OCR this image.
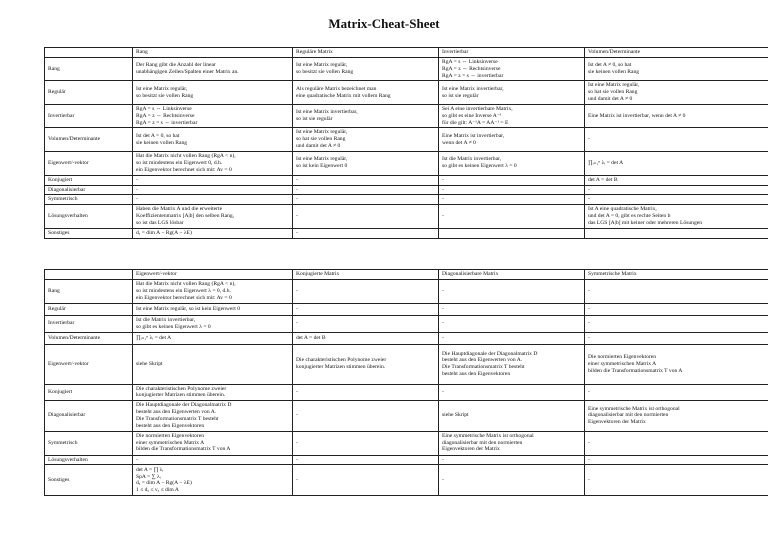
Matrix-Cheat-Sheet
	Rang	Reguläre Matrix	Invertierbar	Volumen/Determinante
Rang	Der Rang gibt die Anzahl der linear
unabhängigen Zeilen/Spalten einer Matrix an.	Ist eine Matrix regulär,
so besitzt sie vollen Rang	RgA = s ⇔ Linksinverse
RgA = z ⇔ Rechtsinverse
RgA = z = s ⇔ invertierbar	Ist det A ≠ 0, so hat
sie keinen vollen Rang

Regulär	Ist eine Matrix regulär,
so besitzt sie vollen Rang	Als reguläre Matrix bezeichnet man
eine quadratische Matrix mit vollem Rang	Ist eine Matrix invertierbar,
so ist sie regulär	Ist eine Matrix regulär,
so hat sie vollen Rang
und damit det A ≠ 0

Invertierbar	RgA = s ⇔ Linksinverse
RgA = z ⇔ Rechtsinverse
RgA = z = s ⇔ invertierbar	Ist eine Matrix invertierbar,
so ist sie regulär	Sei A eine invertierbare Matrix,
so gibt es eine Inverse A⁻¹
für die gilt: A⁻¹A = AA⁻¹ = E	Eine Matrix ist invertierbar, wenn det A ≠ 0

Volumen/Determinante	Ist det A = 0, so hat
sie keinen vollen Rang	Ist eine Matrix regulär,
so hat sie vollen Rang
und damit det A ≠ 0	Eine Matrix ist invertierbar,
wenn det A ≠ 0	-

Eigenwert/-vektor	Hat die Matrix nicht vollen Rang (RgA < n),
so ist mindestens ein Eigenwert 0, d.h.
ein Eigenvektor berechnet sich mit: Av = 0	Ist eine Matrix regulär,
so ist kein Eigenwert 0	Ist die Matrix invertierbar,
so gibt es keinen Eigenwert λ = 0	∏ᵢ₌₁ⁿ λᵢ = det A

Konjugiert	-	-	-	det A = det B

Diagonalisierbar	-	-	-	-

Symmetrisch	-	-	-	-

Lösungsverhalten	Haben die Matrix A und die erweiterte
Koeffizientenmatrix [A|b] den selben Rang,
so ist das LGS lösbar	-	-	Ist A eine quadratische Matrix,
und det A = 0, gibt es rechte Seiten b
das LGS [A|b] mit keiner oder mehreren Lösungen

Sonstiges	dₐ = dim A − Rg(A − λE)	-		

	Eigenwert/-vektor	Konjugierte Matrix	Diagonalisierbare Matrix	Symmetrische Matrix
Rang	Hat die Matrix nicht vollen Rang (RgA < n),
so ist mindestens ein Eigenwert λ = 0, d.h.
ein Eigenvektor berechnet sich mit: Av = 0	-	-	-

Regulär	Ist eine Matrix regulär, so ist kein Eigenwert 0	-	-	-

Invertierbar	Ist die Matrix invertierbar,
so gibt es keinen Eigenwert λ = 0	-	-	-

Volumen/Determinante	∏ᵢ₌₁ⁿ λᵢ = det A	det A = det B	-	-

Eigenwert/-vektor	siehe Skript	Die charakteristischen Polynome zweier
konjugierter Matrizen stimmen überein.	Die Hauptdiagonale der Diagonalmatrix D
besteht aus den Eigenwerten von A.
Die Transformationsmatrix T besteht
besteht aus den Eigenvektoren	Die normierten Eigenvektoren
einer symmetrischen Matrix A
bilden die Transformationsmatrix T von A

Konjugiert	Die charakteristischen Polynome zweier
konjugierter Matrizen stimmen überein.	-	-	-

Diagonalisierbar	Die Hauptdiagonale der Diagonalmatrix D
besteht aus den Eigenwerten von A.
Die Transformationsmatrix T besteht
besteht aus den Eigenvektoren	-	siehe Skript	Eine symmetrische Matrix ist orthogonal
diagonalisierbar mit den normierten
Eigenvektoren der Matrix

Symmetrisch	Die normierten Eigenvektoren
einer symmetrischen Matrix A
bilden die Transformationsmatrix T von A	-	Eine symmetrische Matrix ist orthogonal
diagonalisierbar mit den normierten
Eigenvektoren der Matrix	-

Lösungsverhalten	-	-	-	-

Sonstiges	det A = ∏ λᵢ
SpA = ∑ λᵢ
dₐ = dim A − Rg(A − λE)
1 ≤ dₐ ≤ vₐ ≤ dim A	-	-	-
